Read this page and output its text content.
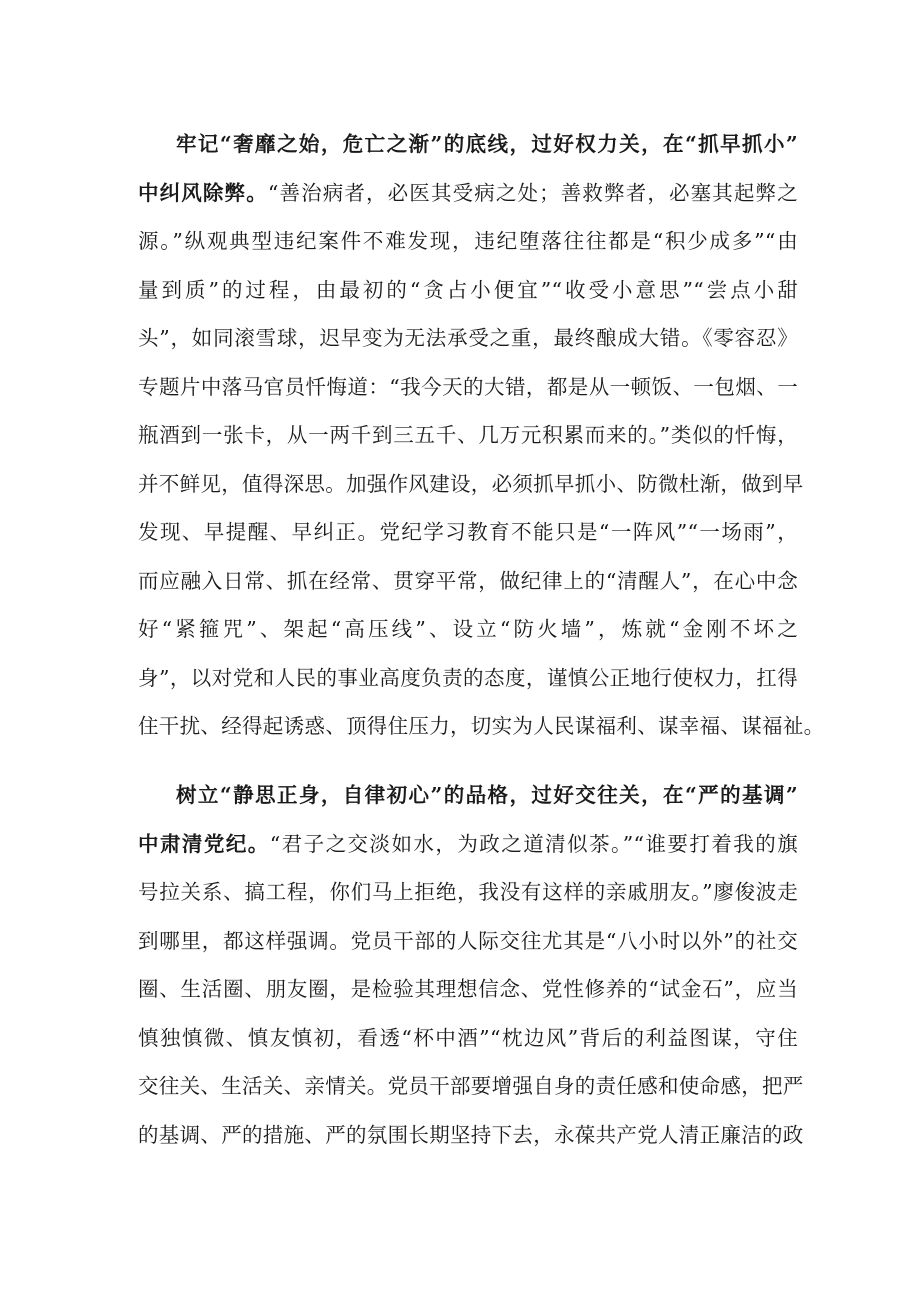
牢记“奢靡之始，危亡之渐”的底线，过好权力关，在“抓早抓小”
中纠风除弊。“善治病者，必医其受病之处；善救弊者，必塞其起弊之
源。”纵观典型违纪案件不难发现，违纪堕落往往都是“积少成多”“由
量到质”的过程，由最初的“贪占小便宜”“收受小意思”“尝点小甜
头”，如同滚雪球，迟早变为无法承受之重，最终酿成大错。《零容忍》
专题片中落马官员忏悔道：“我今天的大错，都是从一顿饭、一包烟、一
瓶酒到一张卡，从一两千到三五千、几万元积累而来的。”类似的忏悔，
并不鲜见，值得深思。加强作风建设，必须抓早抓小、防微杜渐，做到早
发现、早提醒、早纠正。党纪学习教育不能只是“一阵风”“一场雨”，
而应融入日常、抓在经常、贯穿平常，做纪律上的“清醒人”，在心中念
好“紧箍咒”、架起“高压线”、设立“防火墙”，炼就“金刚不坏之
身”，以对党和人民的事业高度负责的态度，谨慎公正地行使权力，扛得
住干扰、经得起诱惑、顶得住压力，切实为人民谋福利、谋幸福、谋福祉。
树立“静思正身，自律初心”的品格，过好交往关，在“严的基调”
中肃清党纪。“君子之交淡如水，为政之道清似茶。”“谁要打着我的旗
号拉关系、搞工程，你们马上拒绝，我没有这样的亲戚朋友。”廖俊波走
到哪里，都这样强调。党员干部的人际交往尤其是“八小时以外”的社交
圈、生活圈、朋友圈，是检验其理想信念、党性修养的“试金石”，应当
慎独慎微、慎友慎初，看透“杯中酒”“枕边风”背后的利益图谋，守住
交往关、生活关、亲情关。党员干部要增强自身的责任感和使命感，把严
的基调、严的措施、严的氛围长期坚持下去，永葆共产党人清正廉洁的政
